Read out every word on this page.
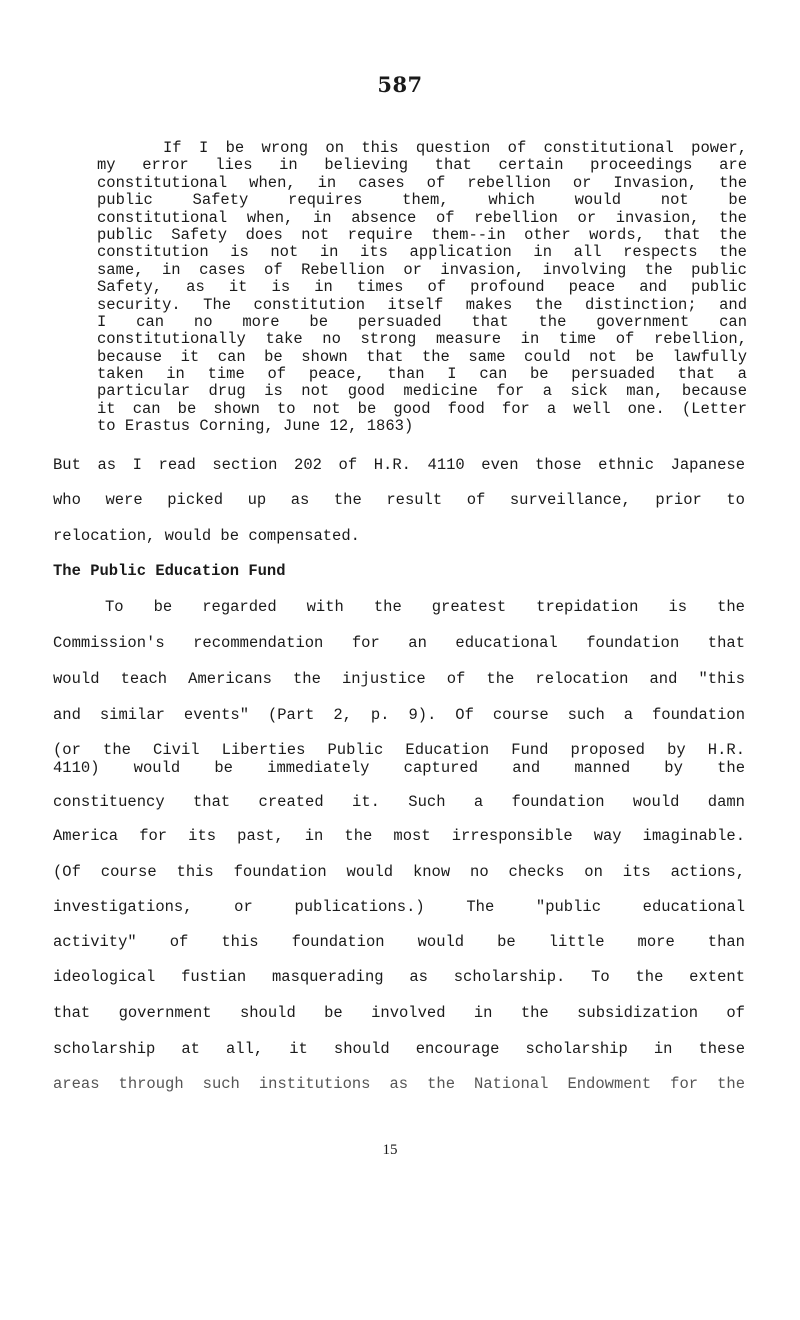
587
If I be wrong on this question of constitutional power,
my error lies in believing that certain proceedings are
constitutional when, in cases of rebellion or Invasion, the
public Safety requires them, which would not be
constitutional when, in absence of rebellion or invasion, the
public Safety does not require them--in other words, that the
constitution is not in its application in all respects the
same, in cases of Rebellion or invasion, involving the public
Safety, as it is in times of profound peace and public
security. The constitution itself makes the distinction; and
I can no more be persuaded that the government can
constitutionally take no strong measure in time of rebellion,
because it can be shown that the same could not be lawfully
taken in time of peace, than I can be persuaded that a
particular drug is not good medicine for a sick man, because
it can be shown to not be good food for a well one. (Letter
to Erastus Corning, June 12, 1863)
But as I read section 202 of H.R. 4110 even those ethnic Japanese
who were picked up as the result of surveillance, prior to
relocation, would be compensated.
The Public Education Fund
To be regarded with the greatest trepidation is the
Commission's recommendation for an educational foundation that
would teach Americans the injustice of the relocation and "this
and similar events" (Part 2, p. 9). Of course such a foundation
(or the Civil Liberties Public Education Fund proposed by H.R.
4110) would be immediately captured and manned by the
constituency that created it. Such a foundation would damn
America for its past, in the most irresponsible way imaginable.
(Of course this foundation would know no checks on its actions,
investigations, or publications.) The "public educational
activity" of this foundation would be little more than
ideological fustian masquerading as scholarship. To the extent
that government should be involved in the subsidization of
scholarship at all, it should encourage scholarship in these
areas through such institutions as the National Endowment for the
15
